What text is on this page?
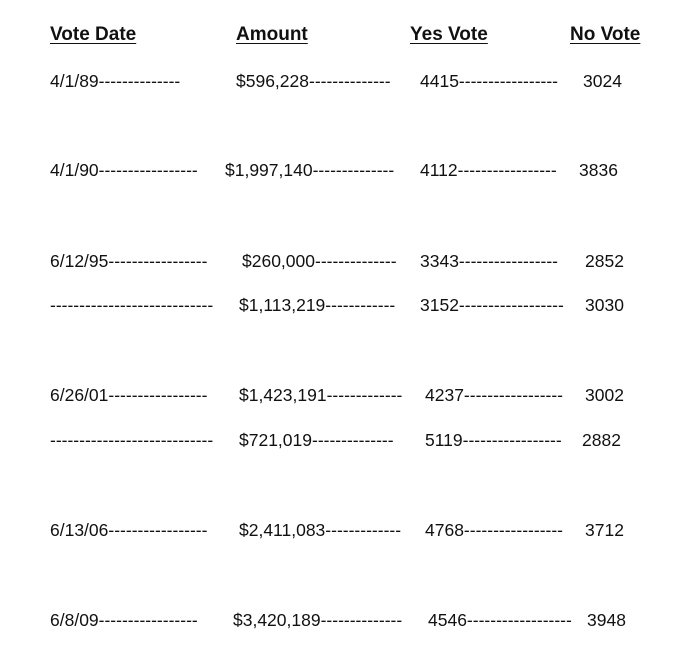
Vote Date	Amount	Yes Vote	No Vote
4/1/89--------------	$596,228-------------- 4415----------------- 3024
4/1/90----------------- $1,997,140-------------- 4112----------------- 3836
6/12/95----------------- $260,000-------------- 3343----------------- 2852
---------------------------- $1,113,219------------ 3152------------------ 3030
6/26/01----------------- $1,423,191------------- 4237----------------- 3002
---------------------------- $721,019-------------- 5119----------------- 2882
6/13/06----------------- $2,411,083------------- 4768----------------- 3712
6/8/09----------------- $3,420,189-------------- 4546------------------ 3948
